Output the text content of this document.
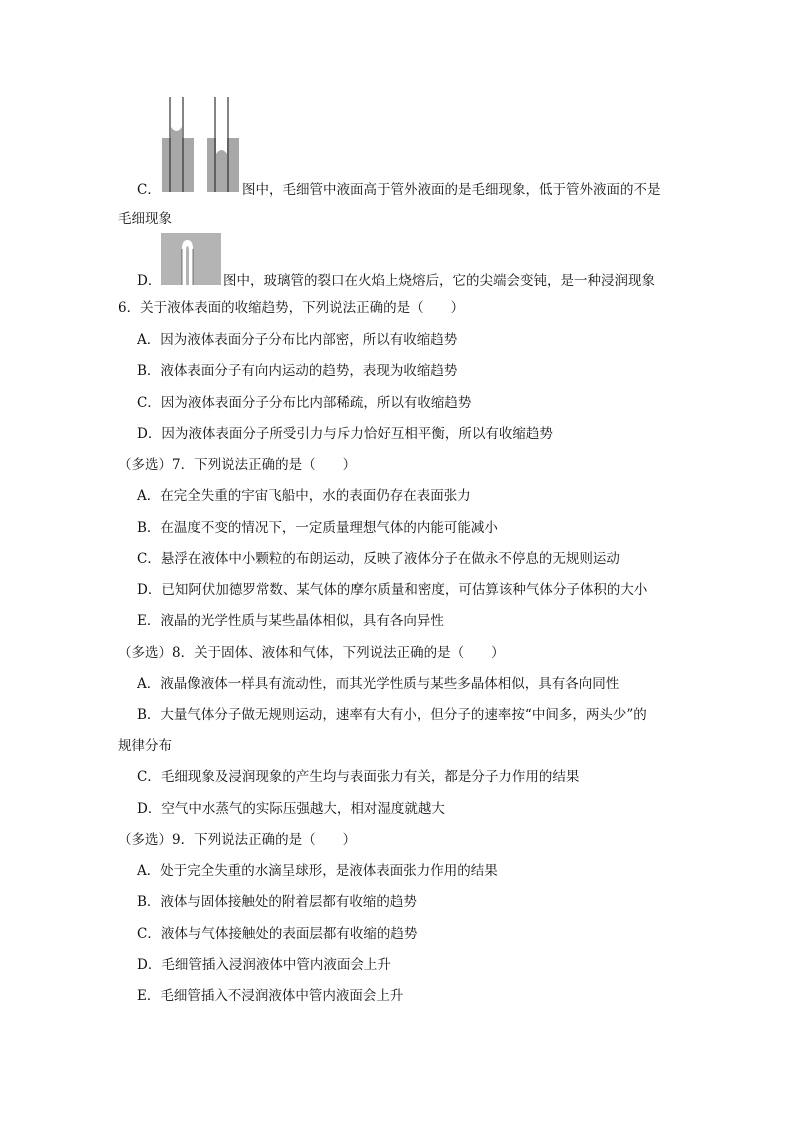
C．	图中，毛细管中液面高于管外液面的是毛细现象，低于管外液面的不是
毛细现象
D．	图中，玻璃管的裂口在火焰上烧熔后，它的尖端会变钝，是一种浸润现象
6．关于液体表面的收缩趋势，下列说法正确的是（　　）
A．因为液体表面分子分布比内部密，所以有收缩趋势
B．液体表面分子有向内运动的趋势，表现为收缩趋势
C．因为液体表面分子分布比内部稀疏，所以有收缩趋势
D．因为液体表面分子所受引力与斥力恰好互相平衡，所以有收缩趋势
（多选）7．下列说法正确的是（　　）
A．在完全失重的宇宙飞船中，水的表面仍存在表面张力
B．在温度不变的情况下，一定质量理想气体的内能可能减小
C．悬浮在液体中小颗粒的布朗运动，反映了液体分子在做永不停息的无规则运动
D．已知阿伏加德罗常数、某气体的摩尔质量和密度，可估算该种气体分子体积的大小
E．液晶的光学性质与某些晶体相似，具有各向异性
（多选）8．关于固体、液体和气体，下列说法正确的是（　　）
A．液晶像液体一样具有流动性，而其光学性质与某些多晶体相似，具有各向同性
B．大量气体分子做无规则运动，速率有大有小，但分子的速率按“中间多，两头少”的
规律分布
C．毛细现象及浸润现象的产生均与表面张力有关，都是分子力作用的结果
D．空气中水蒸气的实际压强越大，相对湿度就越大
（多选）9．下列说法正确的是（　　）
A．处于完全失重的水滴呈球形，是液体表面张力作用的结果
B．液体与固体接触处的附着层都有收缩的趋势
C．液体与气体接触处的表面层都有收缩的趋势
D．毛细管插入浸润液体中管内液面会上升
E．毛细管插入不浸润液体中管内液面会上升
